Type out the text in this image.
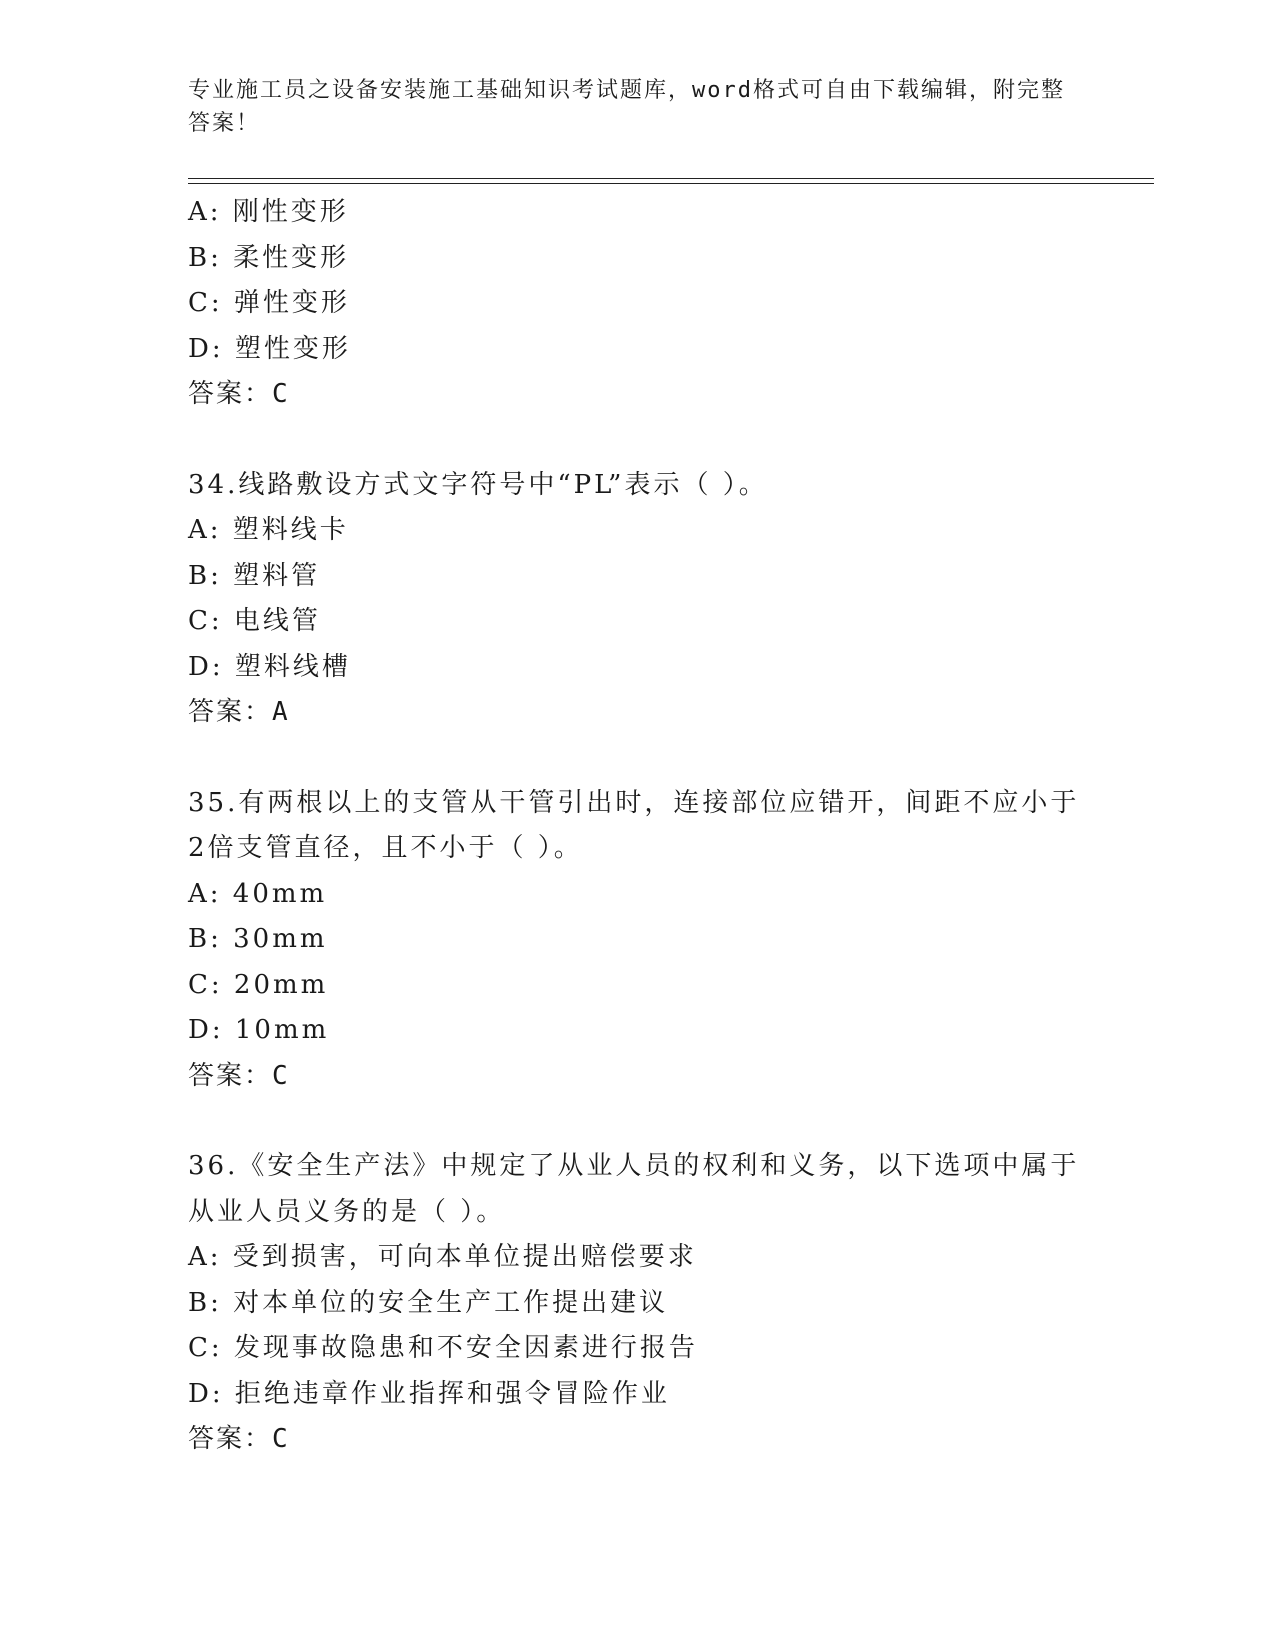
专业施工员之设备安装施工基础知识考试题库，word格式可自由下载编辑，附完整答案！
A: 刚性变形
B: 柔性变形
C: 弹性变形
D: 塑性变形
答案：C
34.线路敷设方式文字符号中“PL”表示（ ）。
A: 塑料线卡
B: 塑料管
C: 电线管
D: 塑料线槽
答案：A
35.有两根以上的支管从干管引出时，连接部位应错开，间距不应小于2倍支管直径，且不小于（ ）。
A: 40mm
B: 30mm
C: 20mm
D: 10mm
答案：C
36.《安全生产法》中规定了从业人员的权利和义务，以下选项中属于从业人员义务的是（ ）。
A: 受到损害，可向本单位提出赔偿要求
B: 对本单位的安全生产工作提出建议
C: 发现事故隐患和不安全因素进行报告
D: 拒绝违章作业指挥和强令冒险作业
答案：C
